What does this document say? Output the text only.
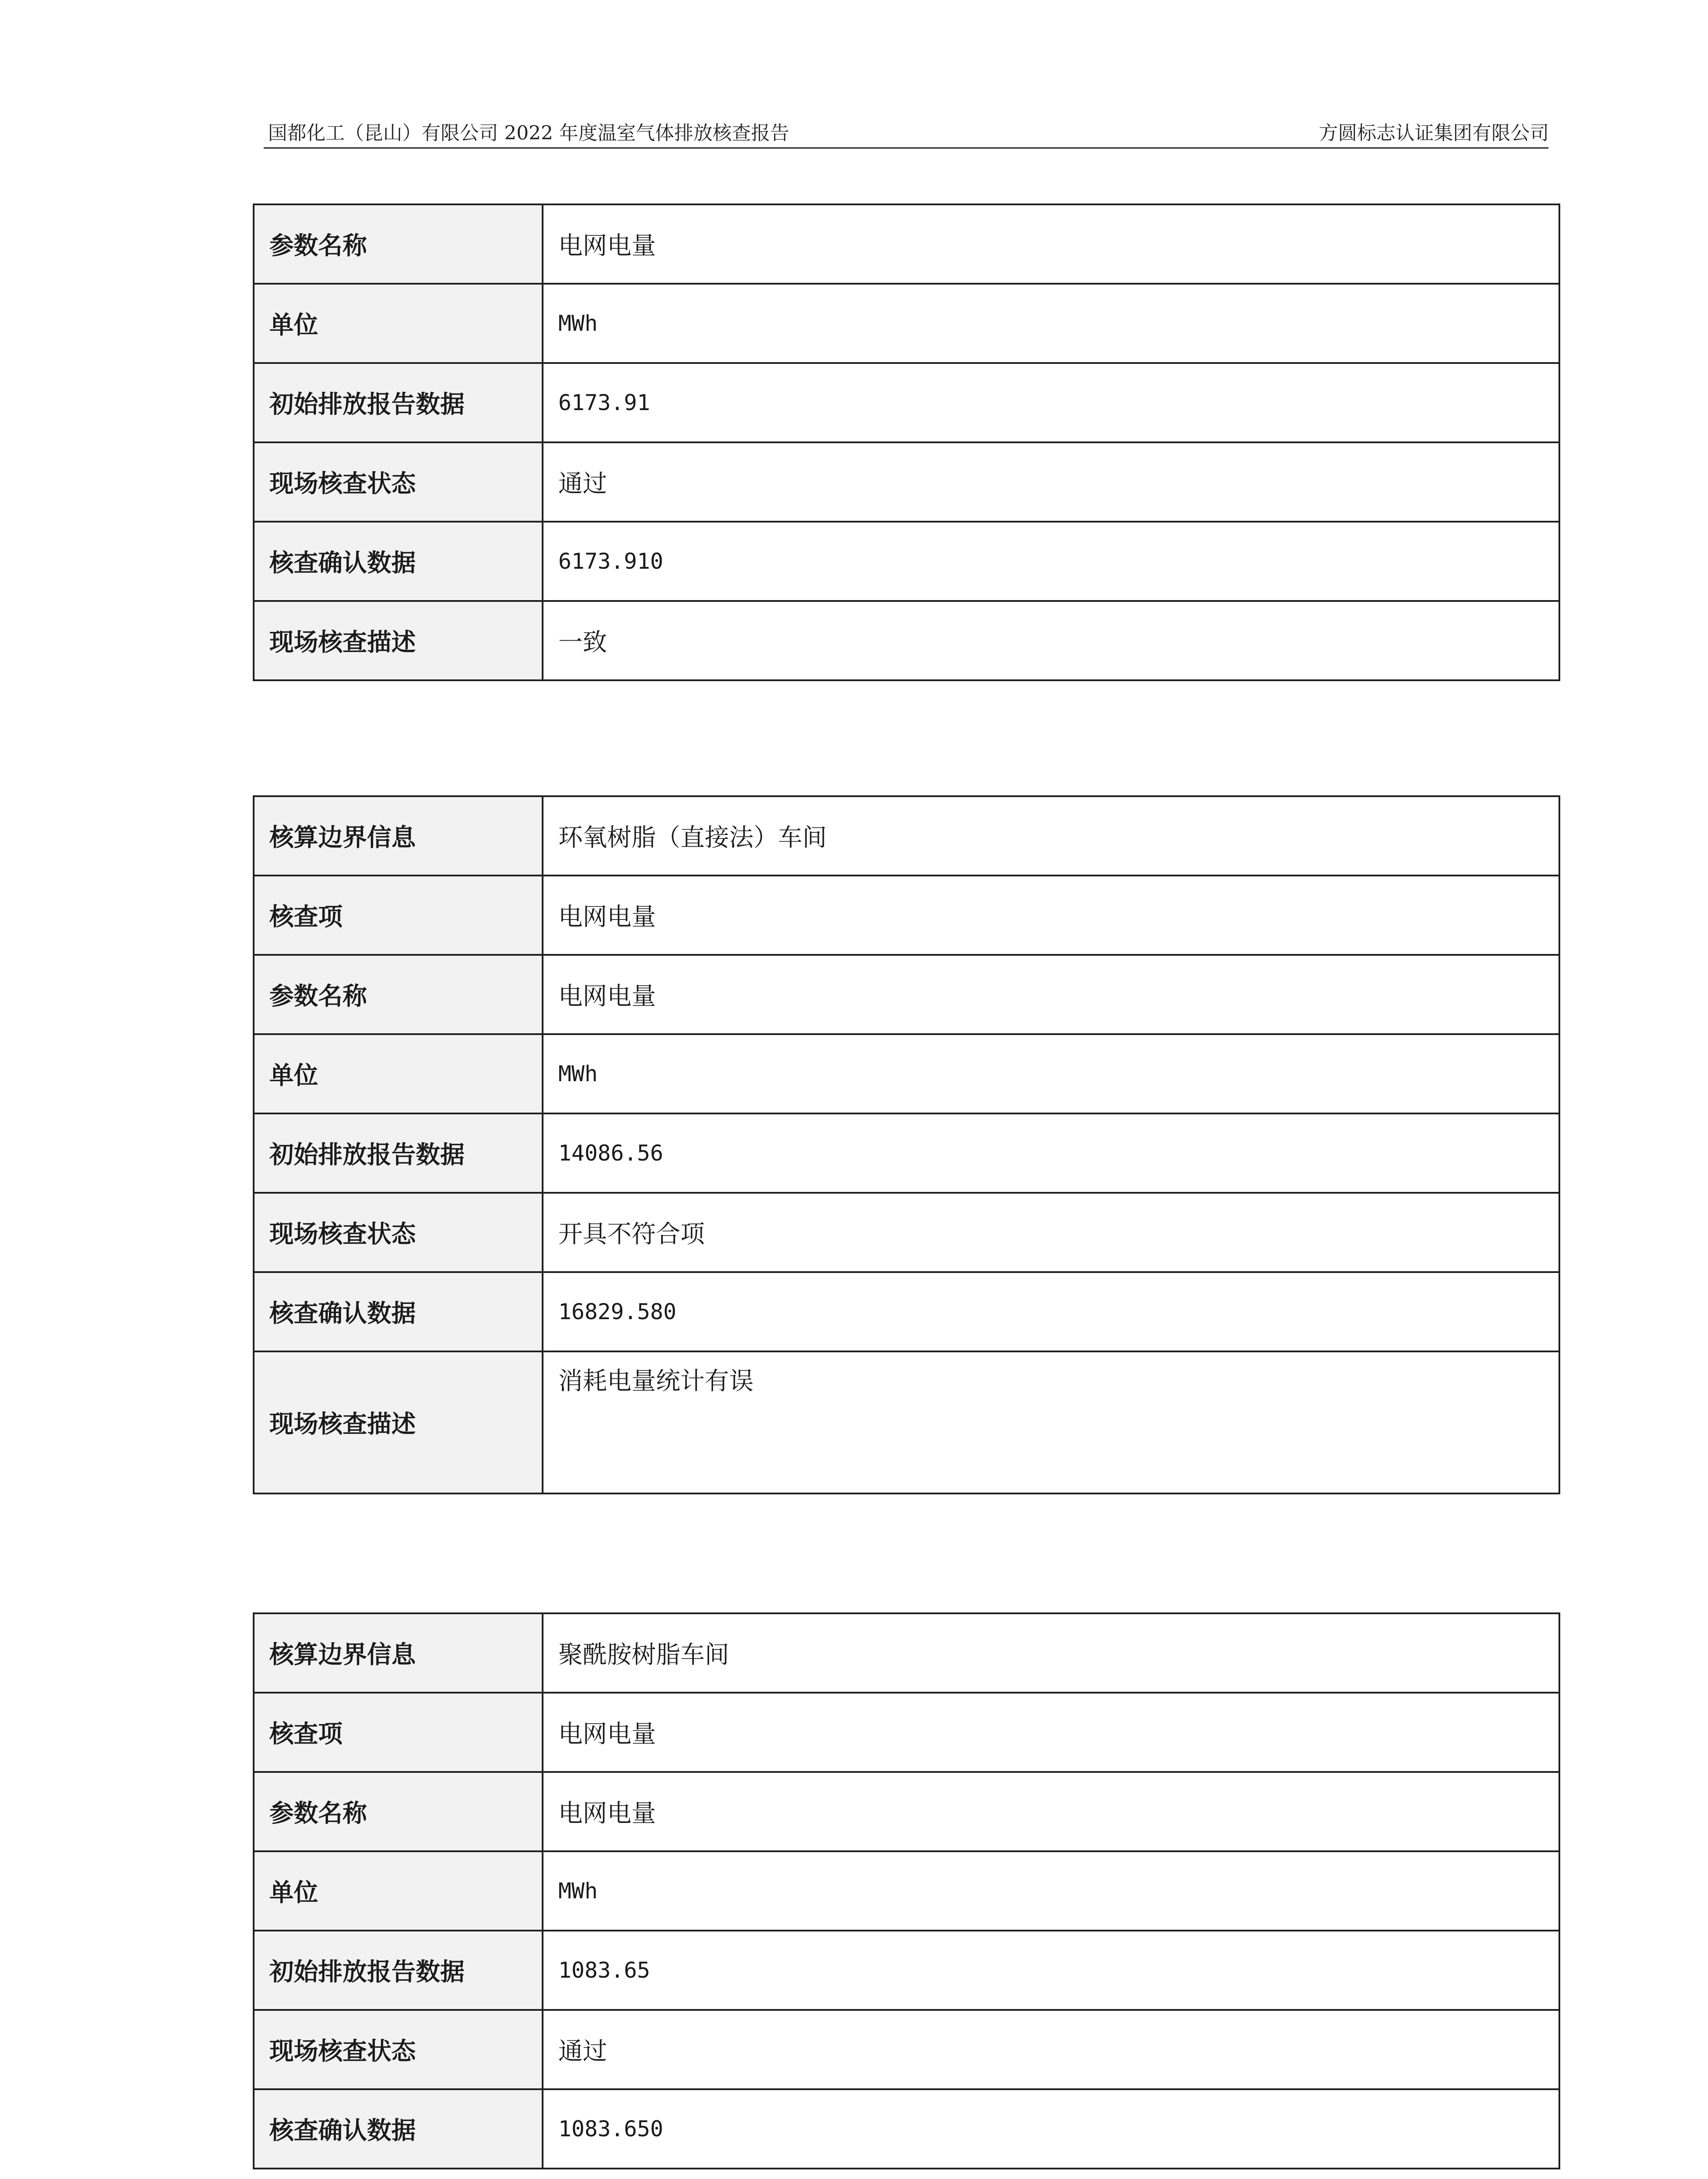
国都化工（昆山）有限公司 2022 年度温室气体排放核查报告	方圆标志认证集团有限公司
参数名称	电网电量
单位	MWh
初始排放报告数据	6173.91
现场核查状态	通过
核查确认数据	6173.910
现场核查描述	一致
核算边界信息	环氧树脂（直接法）车间
核查项	电网电量
参数名称	电网电量
单位	MWh
初始排放报告数据	14086.56
现场核查状态	开具不符合项
核查确认数据	16829.580
现场核查描述	消耗电量统计有误
核算边界信息	聚酰胺树脂车间
核查项	电网电量
参数名称	电网电量
单位	MWh
初始排放报告数据	1083.65
现场核查状态	通过
核查确认数据	1083.650
